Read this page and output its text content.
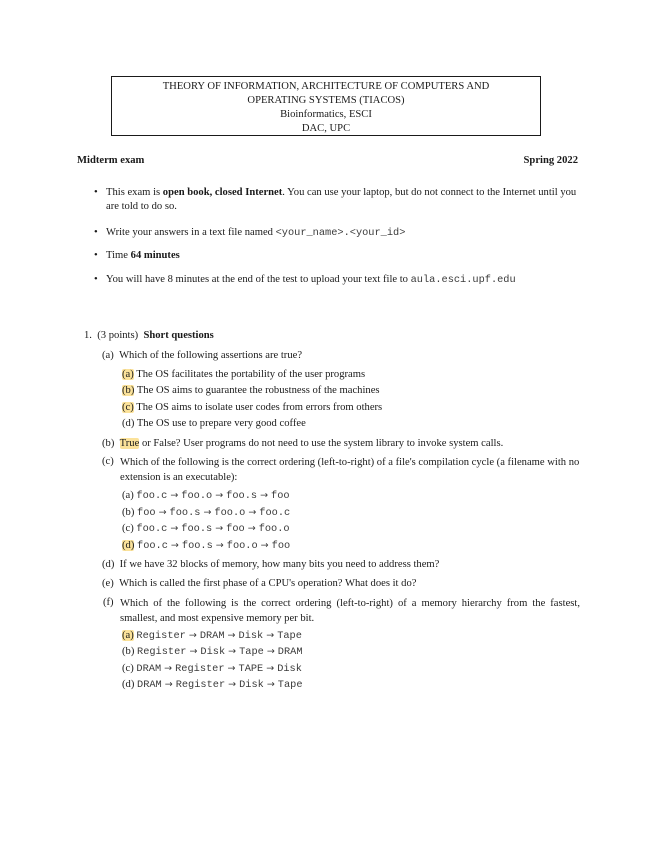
THEORY OF INFORMATION, ARCHITECTURE OF COMPUTERS AND
OPERATING SYSTEMS (TIACOS)
Bioinformatics, ESCI
DAC, UPC
Midterm exam	Spring 2022
• This exam is open book, closed Internet. You can use your laptop, but do not connect to the Internet until you are told to do so.
• Write your answers in a text file named <your_name>.<your_id>
• Time 64 minutes
• You will have 8 minutes at the end of the test to upload your text file to aula.esci.upf.edu
1. (3 points) Short questions
(a) Which of the following assertions are true?
(a) The OS facilitates the portability of the user programs
(b) The OS aims to guarantee the robustness of the machines
(c) The OS aims to isolate user codes from errors from others
(d) The OS use to prepare very good coffee
(b) True or False? User programs do not need to use the system library to invoke system calls.
(c) Which of the following is the correct ordering (left-to-right) of a file's compilation cycle (a filename with no extension is an executable):
(a) foo.c → foo.o → foo.s → foo
(b) foo → foo.s → foo.o → foo.c
(c) foo.c → foo.s → foo → foo.o
(d) foo.c → foo.s → foo.o → foo
(d) If we have 32 blocks of memory, how many bits you need to address them?
(e) Which is called the first phase of a CPU's operation? What does it do?
(f) Which of the following is the correct ordering (left-to-right) of a memory hierarchy from the fastest, smallest, and most expensive memory per bit.
(a) Register → DRAM → Disk → Tape
(b) Register → Disk → Tape → DRAM
(c) DRAM → Register → TAPE → Disk
(d) DRAM → Register → Disk → Tape
